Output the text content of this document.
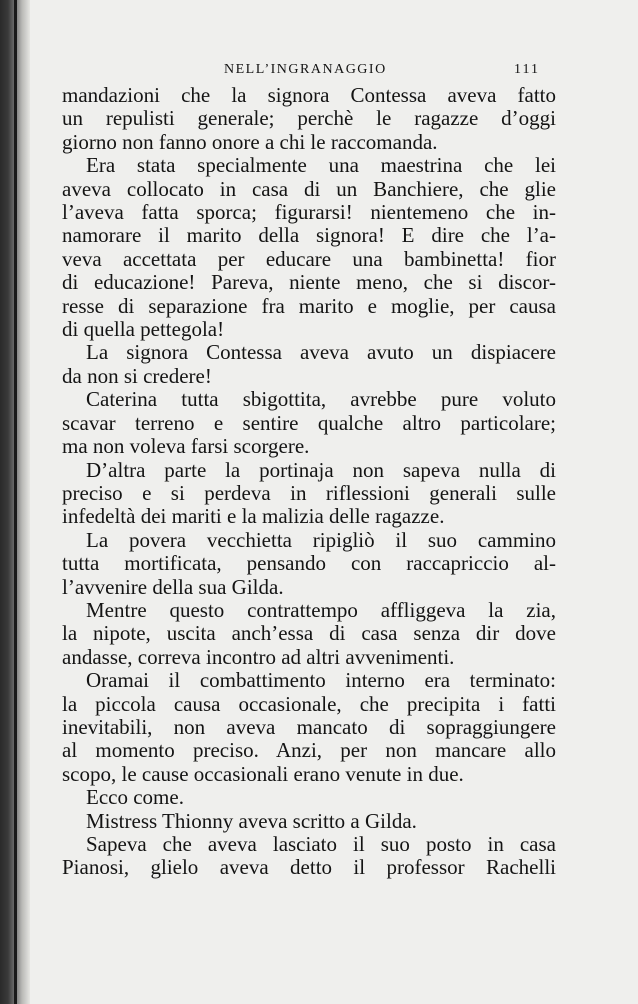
NELL’INGRANAGGIO	111
mandazioni che la signora Contessa aveva fatto
un repulisti generale; perchè le ragazze d’oggi
giorno non fanno onore a chi le raccomanda.
Era stata specialmente una maestrina che lei
aveva collocato in casa di un Banchiere, che glie
l’aveva fatta sporca; figurarsi! nientemeno che in-
namorare il marito della signora! E dire che l’a-
veva accettata per educare una bambinetta! fior
di educazione! Pareva, niente meno, che si discor-
resse di separazione fra marito e moglie, per causa
di quella pettegola!
La signora Contessa aveva avuto un dispiacere
da non si credere!
Caterina tutta sbigottita, avrebbe pure voluto
scavar terreno e sentire qualche altro particolare;
ma non voleva farsi scorgere.
D’altra parte la portinaja non sapeva nulla di
preciso e si perdeva in riflessioni generali sulle
infedeltà dei mariti e la malizia delle ragazze.
La povera vecchietta ripigliò il suo cammino
tutta mortificata, pensando con raccapriccio al-
l’avvenire della sua Gilda.
Mentre questo contrattempo affliggeva la zia,
la nipote, uscita anch’essa di casa senza dir dove
andasse, correva incontro ad altri avvenimenti.
Oramai il combattimento interno era terminato:
la piccola causa occasionale, che precipita i fatti
inevitabili, non aveva mancato di sopraggiungere
al momento preciso. Anzi, per non mancare allo
scopo, le cause occasionali erano venute in due.
Ecco come.
Mistress Thionny aveva scritto a Gilda.
Sapeva che aveva lasciato il suo posto in casa
Pianosi, glielo aveva detto il professor Rachelli
